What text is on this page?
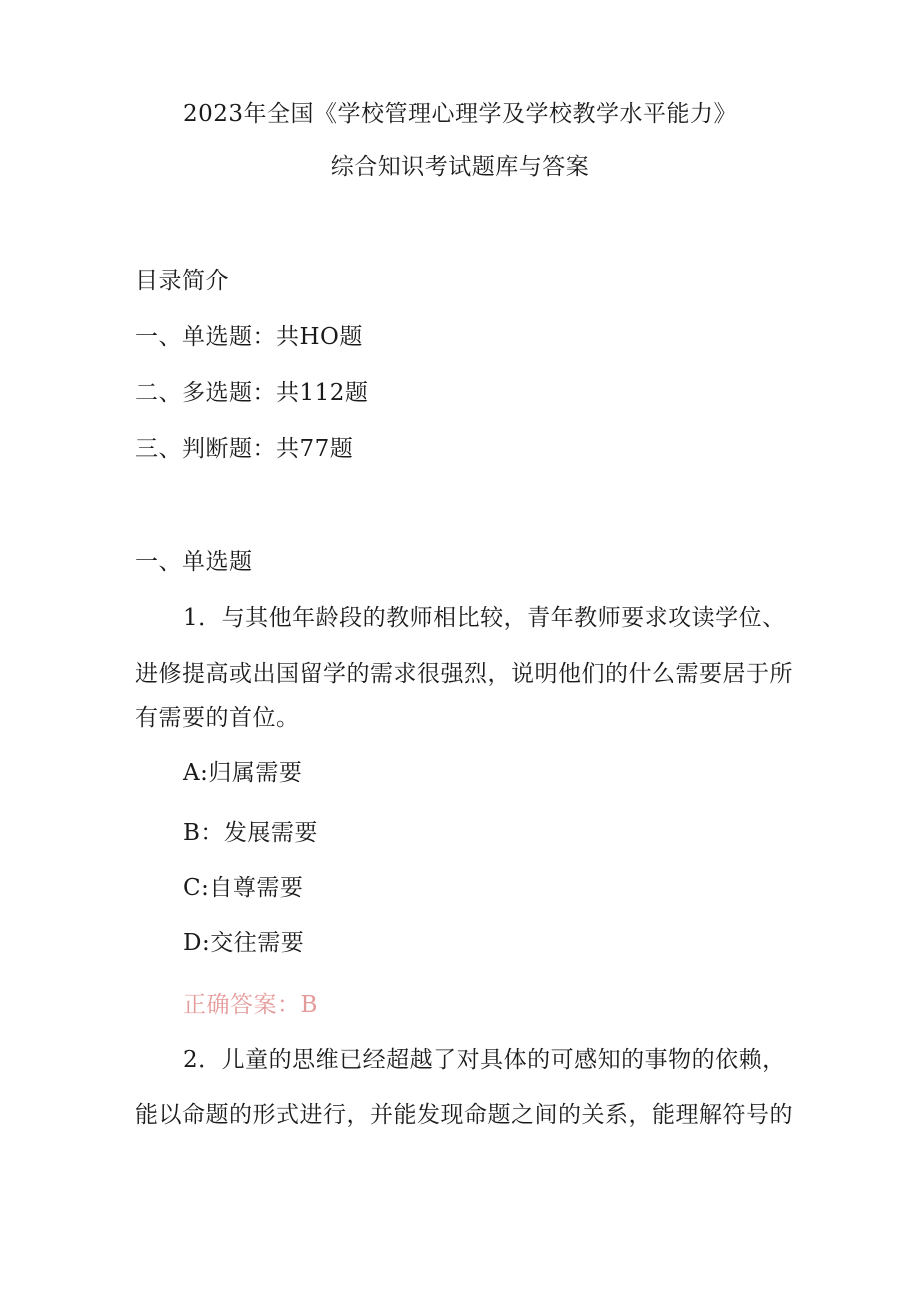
2023年全国《学校管理心理学及学校教学水平能力》
综合知识考试题库与答案
目录简介
一、单选题：共HO题
二、多选题：共112题
三、判断题：共77题
一、单选题
1．与其他年龄段的教师相比较，青年教师要求攻读学位、
进修提高或出国留学的需求很强烈，说明他们的什么需要居于所
有需要的首位。
A:归属需要
B：发展需要
C:自尊需要
D:交往需要
正确答案：B
2．儿童的思维已经超越了对具体的可感知的事物的依赖，
能以命题的形式进行，并能发现命题之间的关系，能理解符号的
